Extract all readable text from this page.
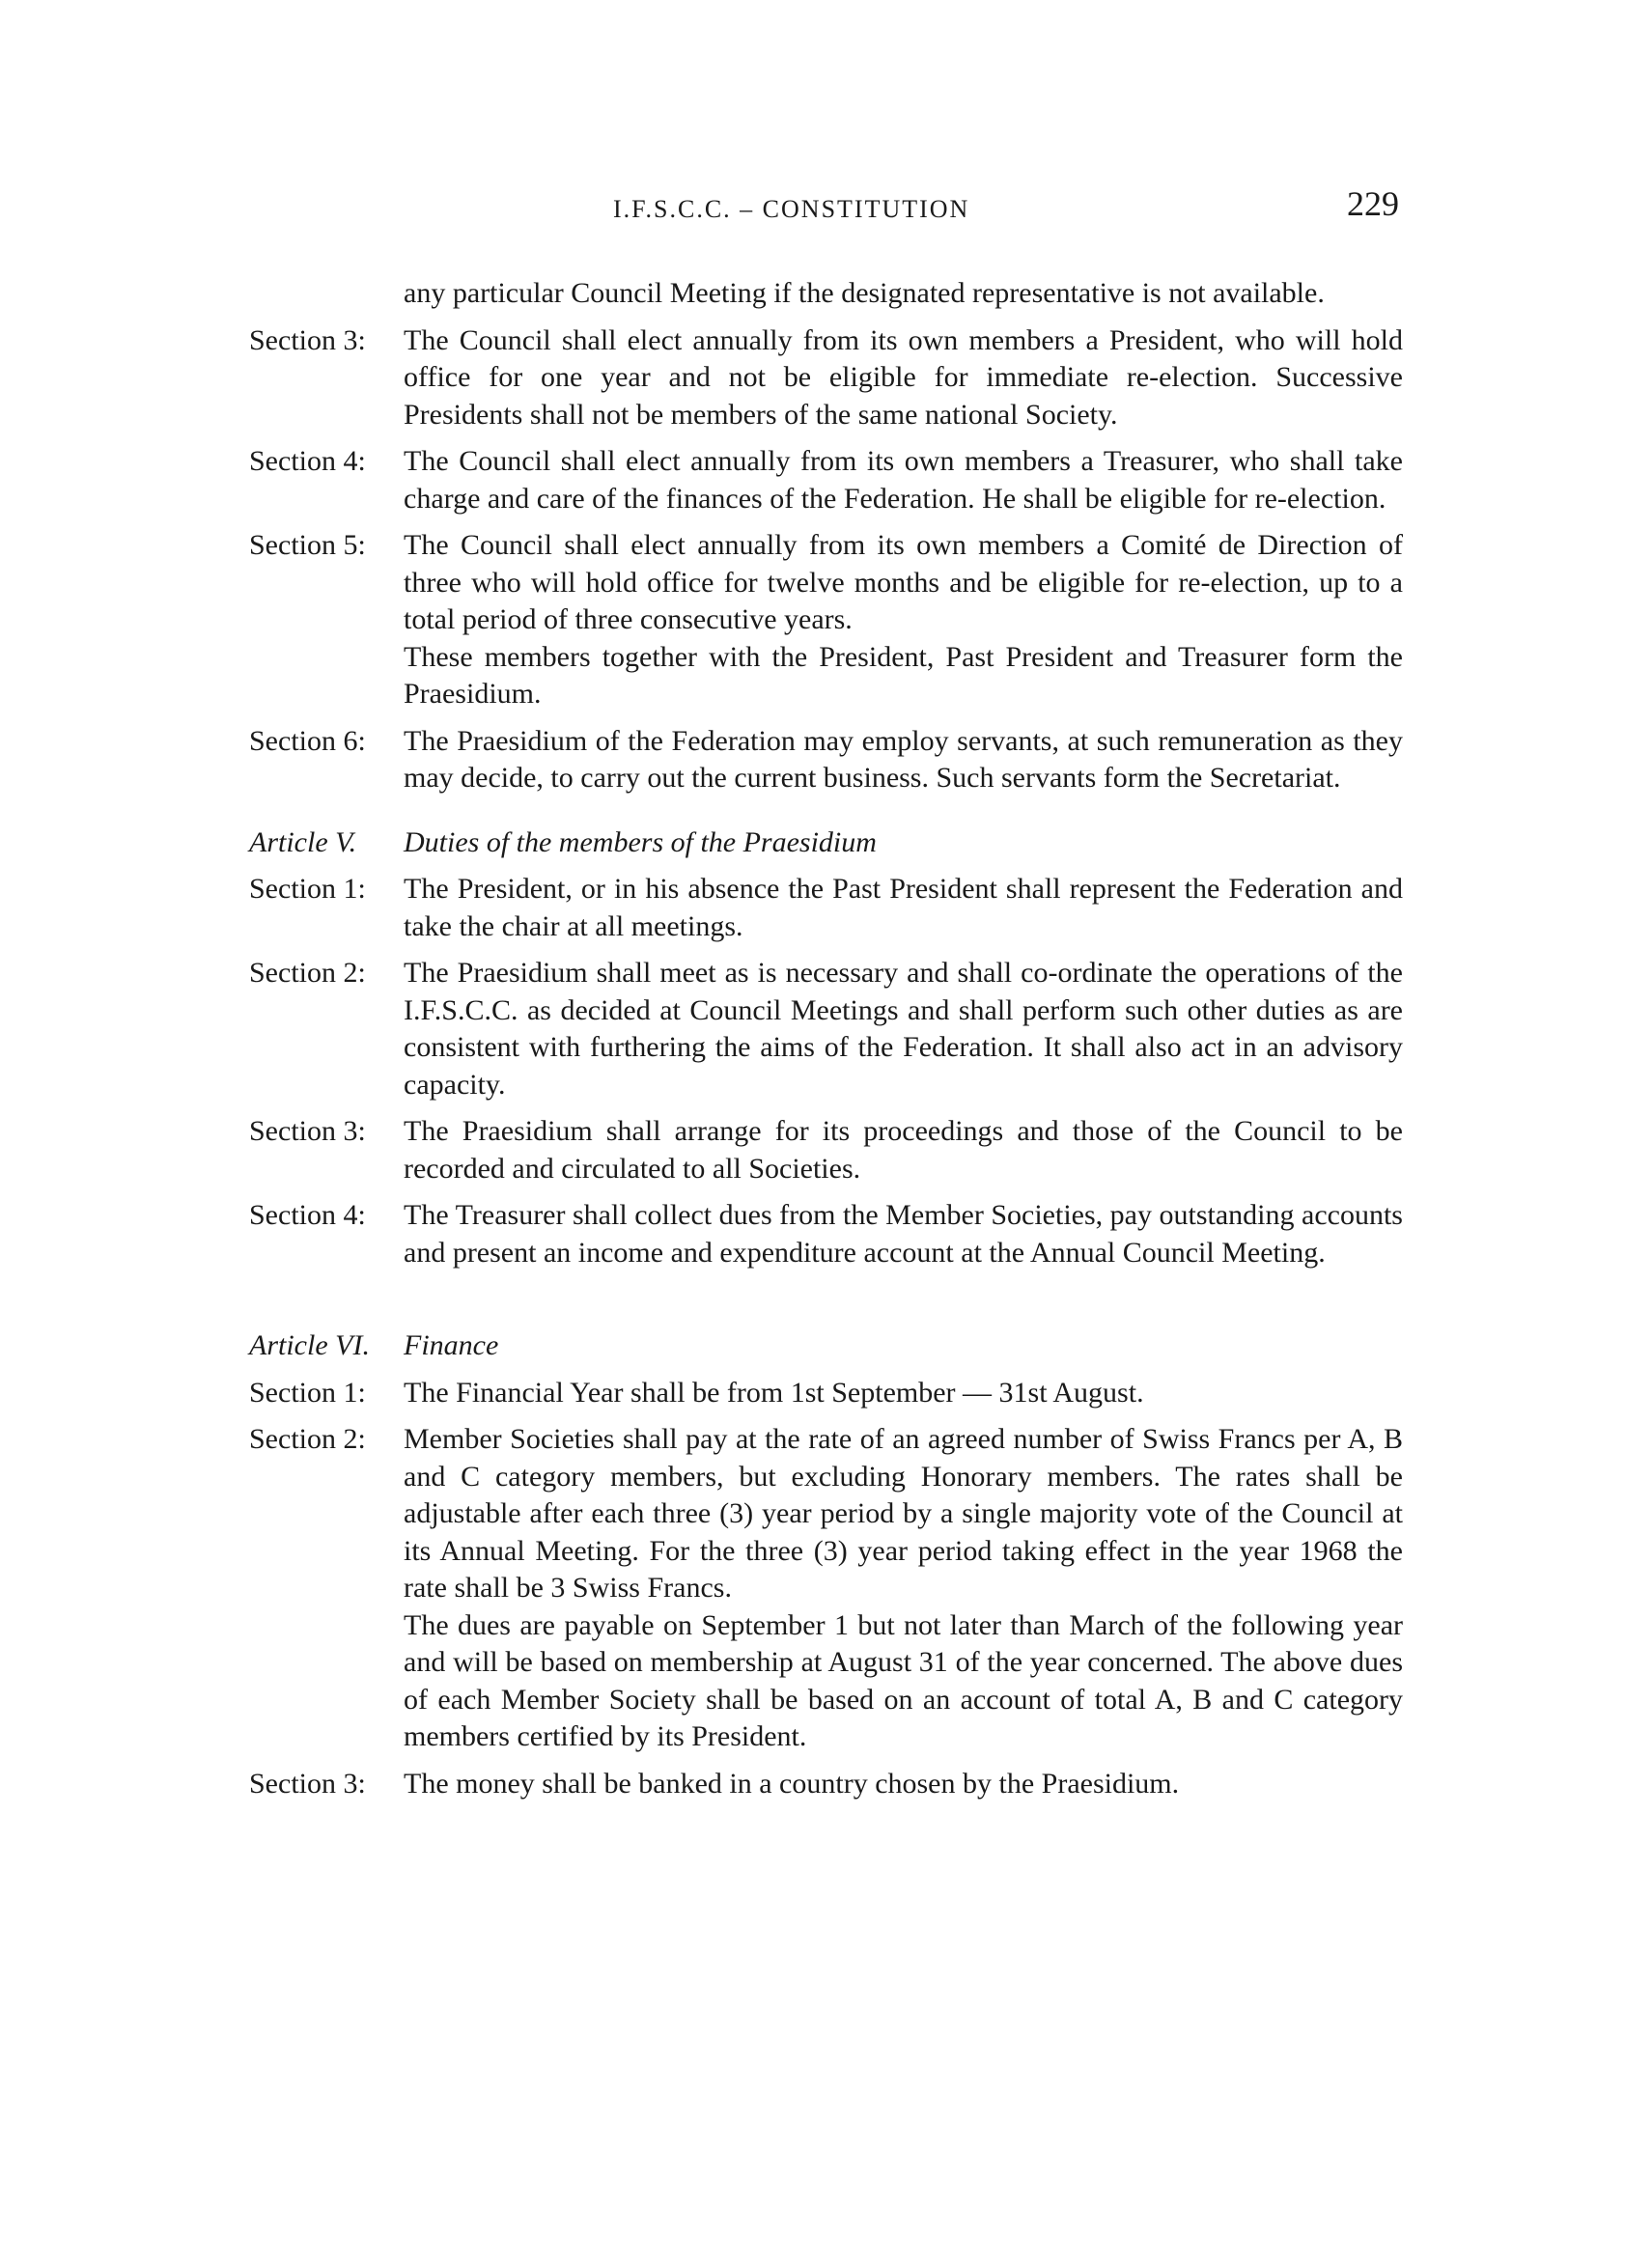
I.F.S.C.C. – CONSTITUTION	229
any particular Council Meeting if the designated representative is not available.
Section 3:	The Council shall elect annually from its own members a President, who will hold office for one year and not be eligible for immediate re-election. Successive Presidents shall not be members of the same national Society.
Section 4:	The Council shall elect annually from its own members a Treasurer, who shall take charge and care of the finances of the Federation. He shall be eligible for re-election.
Section 5:	The Council shall elect annually from its own members a Comité de Direction of three who will hold office for twelve months and be eligible for re-election, up to a total period of three consecutive years.

These members together with the President, Past President and Treasurer form the Praesidium.

Section 6:	The Praesidium of the Federation may employ servants, at such remuneration as they may decide, to carry out the current business. Such servants form the Secretariat.
Article V.	Duties of the members of the Praesidium
Section 1:	The President, or in his absence the Past President shall represent the Federation and take the chair at all meetings.
Section 2:	The Praesidium shall meet as is necessary and shall co-ordinate the operations of the I.F.S.C.C. as decided at Council Meetings and shall perform such other duties as are consistent with furthering the aims of the Federation. It shall also act in an advisory capacity.
Section 3:	The Praesidium shall arrange for its proceedings and those of the Council to be recorded and circulated to all Societies.
Section 4:	The Treasurer shall collect dues from the Member Societies, pay outstanding accounts and present an income and expenditure account at the Annual Council Meeting.
Article VI.	Finance
Section 1:	The Financial Year shall be from 1st September — 31st August.
Section 2:	Member Societies shall pay at the rate of an agreed number of Swiss Francs per A, B and C category members, but excluding Honorary members. The rates shall be adjustable after each three (3) year period by a single majority vote of the Council at its Annual Meeting. For the three (3) year period taking effect in the year 1968 the rate shall be 3 Swiss Francs.

The dues are payable on September 1 but not later than March of the following year and will be based on membership at August 31 of the year concerned. The above dues of each Member Society shall be based on an account of total A, B and C category members certified by its President.

Section 3:	The money shall be banked in a country chosen by the Praesidium.
